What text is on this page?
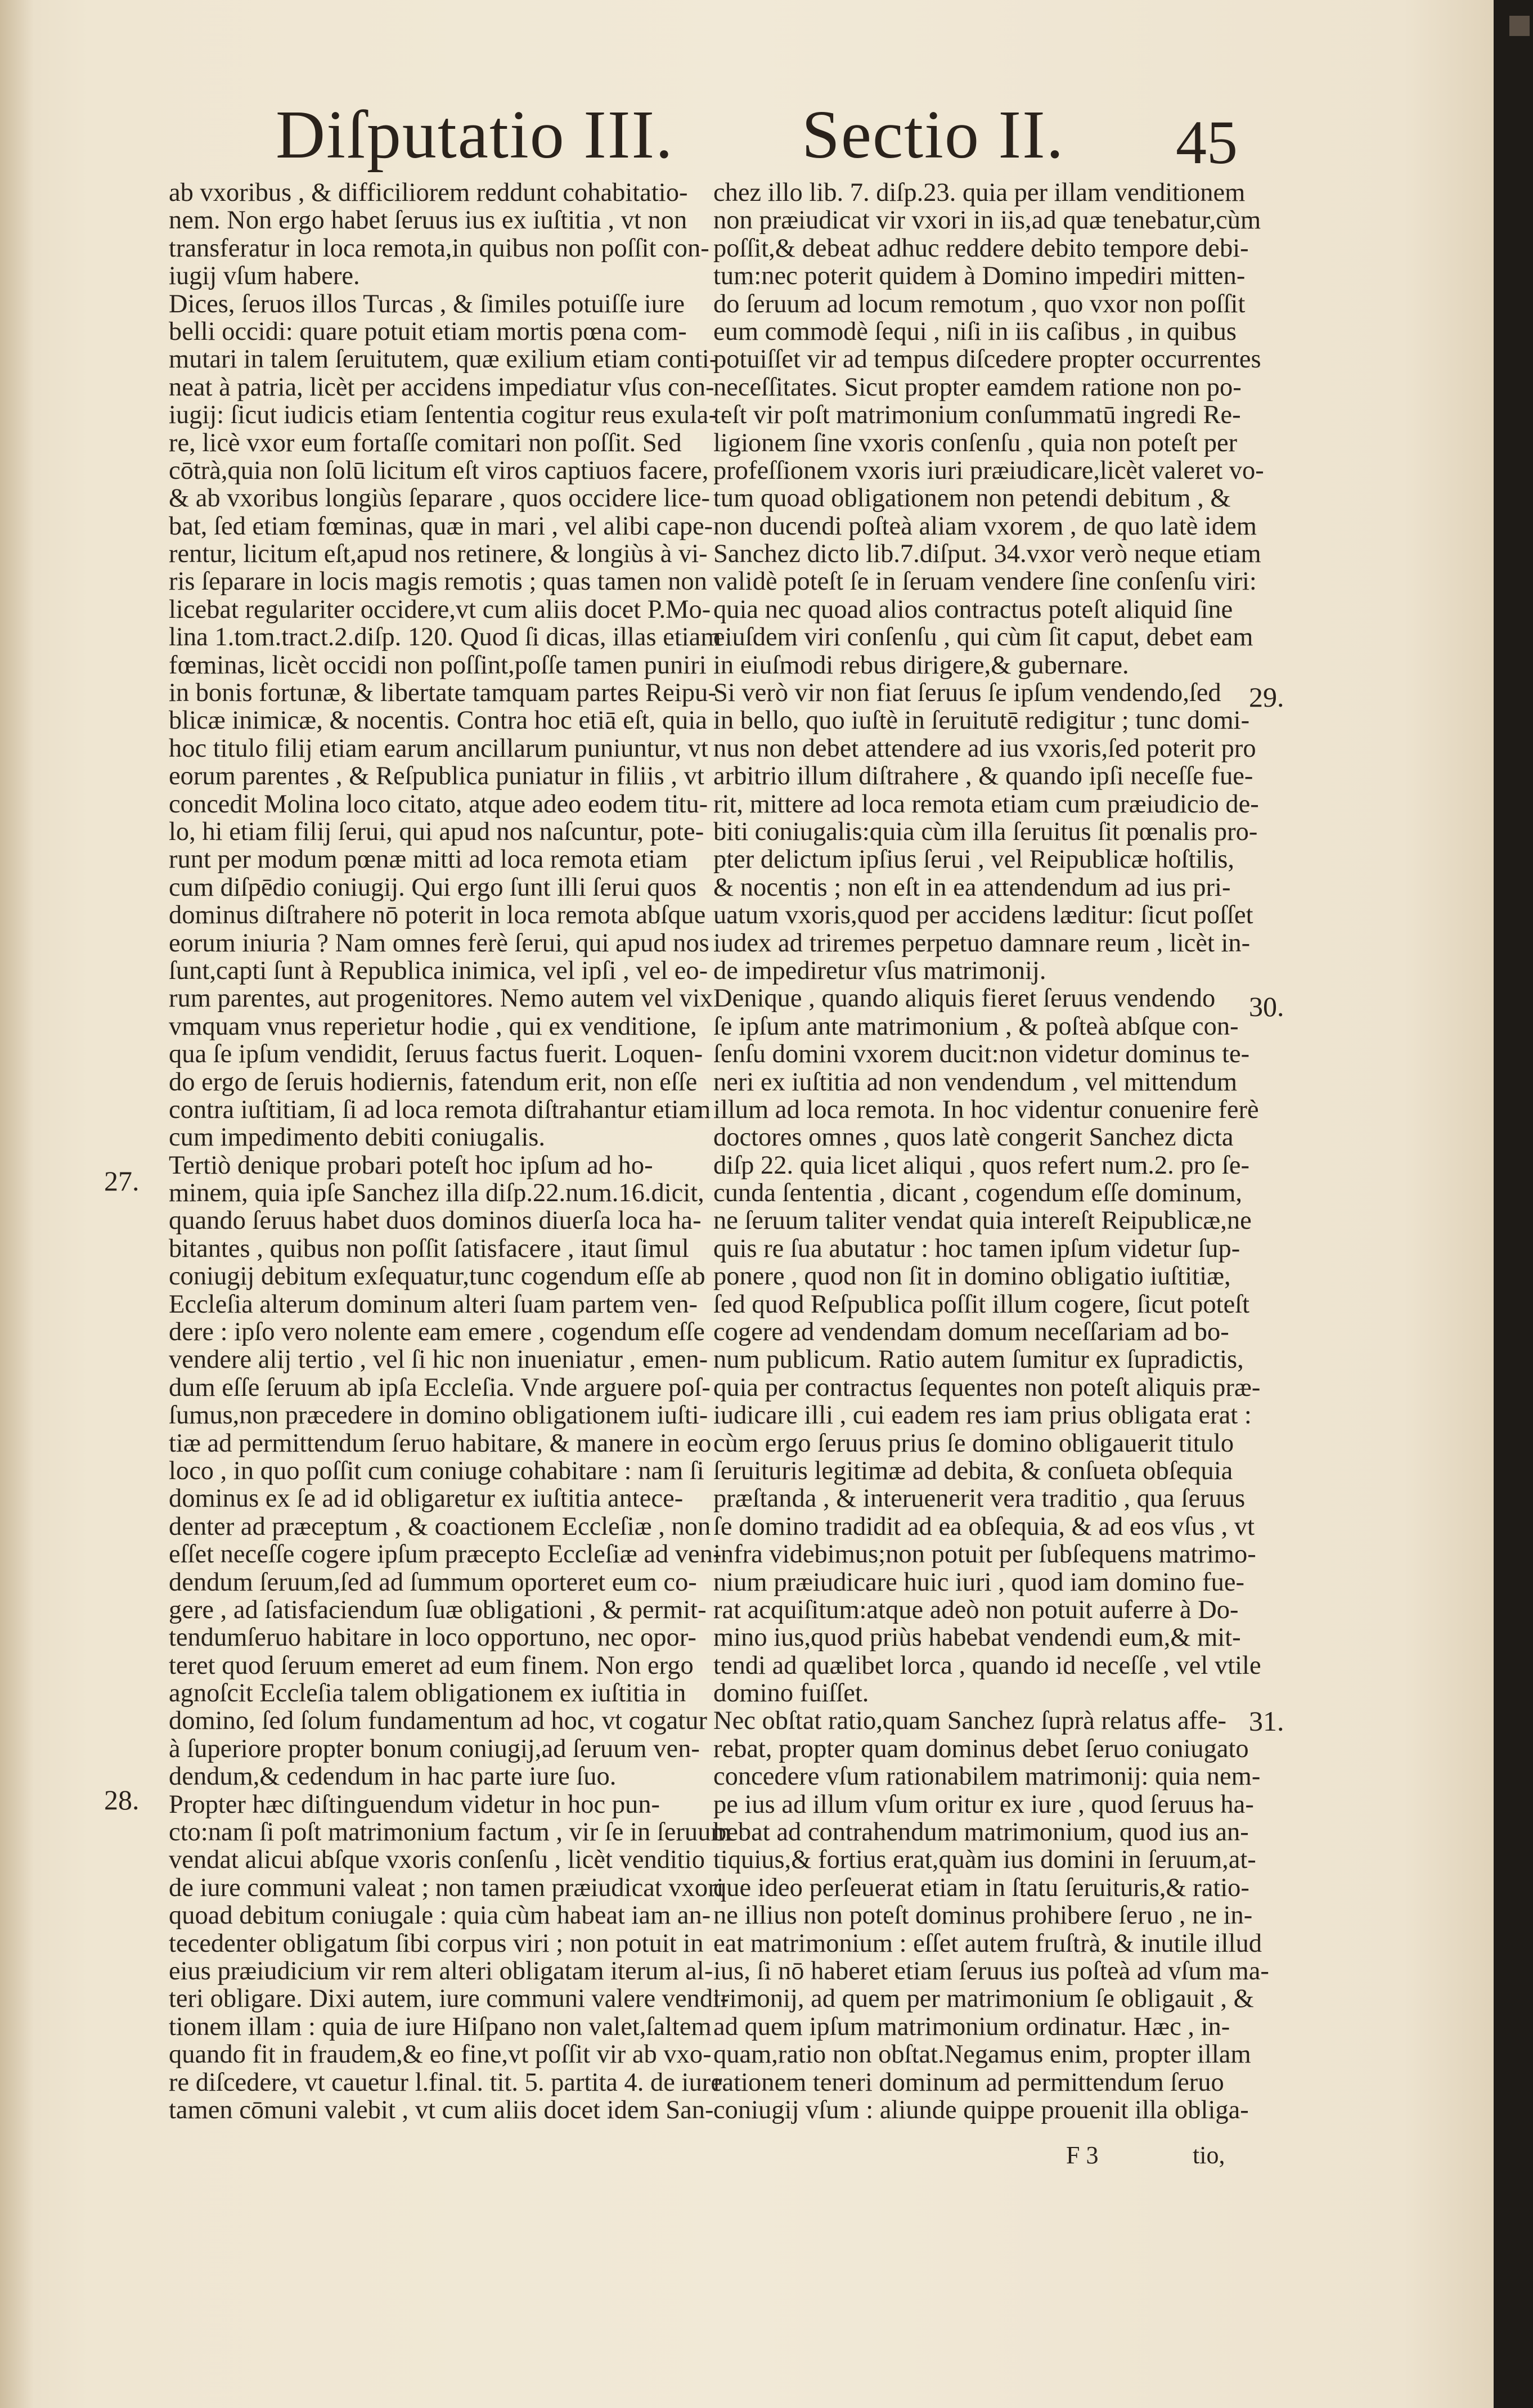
Diſputatio III. Sectio II. 45
ab vxoribus , & difficiliorem reddunt cohabitatio-
nem. Non ergo habet ſeruus ius ex iuſtitia , vt non
transferatur in loca remota,in quibus non poſſit con-
iugij vſum habere.
Dices, ſeruos illos Turcas , & ſimiles potuiſſe iure
belli occidi: quare potuit etiam mortis pœna com-
mutari in talem ſeruitutem, quæ exilium etiam conti-
neat à patria, licèt per accidens impediatur vſus con-
iugij: ſicut iudicis etiam ſententia cogitur reus exula-
re, licè vxor eum fortaſſe comitari non poſſit. Sed
cōtrà,quia non ſolū licitum eſt viros captiuos facere,
& ab vxoribus longiùs ſeparare , quos occidere lice-
bat, ſed etiam fœminas, quæ in mari , vel alibi cape-
rentur, licitum eſt,apud nos retinere, & longiùs à vi-
ris ſeparare in locis magis remotis ; quas tamen non
licebat regulariter occidere,vt cum aliis docet P.Mo-
lina 1.tom.tract.2.diſp. 120. Quod ſi dicas, illas etiam
fœminas, licèt occidi non poſſint,poſſe tamen puniri
in bonis fortunæ, & libertate tamquam partes Reipu-
blicæ inimicæ, & nocentis. Contra hoc etiā eſt, quia
hoc titulo filij etiam earum ancillarum puniuntur, vt
eorum parentes , & Reſpublica puniatur in filiis , vt
concedit Molina loco citato, atque adeo eodem titu-
lo, hi etiam filij ſerui, qui apud nos naſcuntur, pote-
runt per modum pœnæ mitti ad loca remota etiam
cum diſpēdio coniugij. Qui ergo ſunt illi ſerui quos
dominus diſtrahere nō poterit in loca remota abſque
eorum iniuria ? Nam omnes ferè ſerui, qui apud nos
ſunt,capti ſunt à Republica inimica, vel ipſi , vel eo-
rum parentes, aut progenitores. Nemo autem vel vix
vmquam vnus reperietur hodie , qui ex venditione,
qua ſe ipſum vendidit, ſeruus factus fuerit. Loquen-
do ergo de ſeruis hodiernis, fatendum erit, non eſſe
contra iuſtitiam, ſi ad loca remota diſtrahantur etiam
cum impedimento debiti coniugalis.
Tertiò denique probari poteſt hoc ipſum ad ho-
minem, quia ipſe Sanchez illa diſp.22.num.16.dicit,
quando ſeruus habet duos dominos diuerſa loca ha-
bitantes , quibus non poſſit ſatisfacere , itaut ſimul
coniugij debitum exſequatur,tunc cogendum eſſe ab
Eccleſia alterum dominum alteri ſuam partem ven-
dere : ipſo vero nolente eam emere , cogendum eſſe
vendere alij tertio , vel ſi hic non inueniatur , emen-
dum eſſe ſeruum ab ipſa Eccleſia. Vnde arguere poſ-
ſumus,non præcedere in domino obligationem iuſti-
tiæ ad permittendum ſeruo habitare, & manere in eo
loco , in quo poſſit cum coniuge cohabitare : nam ſi
dominus ex ſe ad id obligaretur ex iuſtitia antece-
denter ad præceptum , & coactionem Eccleſiæ , non
eſſet neceſſe cogere ipſum præcepto Eccleſiæ ad ven-
dendum ſeruum,ſed ad ſummum oporteret eum co-
gere , ad ſatisfaciendum ſuæ obligationi , & permit-
tendumſeruo habitare in loco opportuno, nec opor-
teret quod ſeruum emeret ad eum finem. Non ergo
agnoſcit Eccleſia talem obligationem ex iuſtitia in
domino, ſed ſolum fundamentum ad hoc, vt cogatur
à ſuperiore propter bonum coniugij,ad ſeruum ven-
dendum,& cedendum in hac parte iure ſuo.
Propter hæc diſtinguendum videtur in hoc pun-
cto:nam ſi poſt matrimonium factum , vir ſe in ſeruum
vendat alicui abſque vxoris conſenſu , licèt venditio
de iure communi valeat ; non tamen præiudicat vxori
quoad debitum coniugale : quia cùm habeat iam an-
tecedenter obligatum ſibi corpus viri ; non potuit in
eius præiudicium vir rem alteri obligatam iterum al-
teri obligare. Dixi autem, iure communi valere vendi-
tionem illam : quia de iure Hiſpano non valet,ſaltem
quando fit in fraudem,& eo fine,vt poſſit vir ab vxo-
re diſcedere, vt cauetur l.final. tit. 5. partita 4. de iure
tamen cōmuni valebit , vt cum aliis docet idem San-
chez illo lib. 7. diſp.23. quia per illam venditionem
non præiudicat vir vxori in iis,ad quæ tenebatur,cùm
poſſit,& debeat adhuc reddere debito tempore debi-
tum:nec poterit quidem à Domino impediri mitten-
do ſeruum ad locum remotum , quo vxor non poſſit
eum commodè ſequi , niſi in iis caſibus , in quibus
potuiſſet vir ad tempus diſcedere propter occurrentes
neceſſitates. Sicut propter eamdem ratione non po-
teſt vir poſt matrimonium conſummatū ingredi Re-
ligionem ſine vxoris conſenſu , quia non poteſt per
profeſſionem vxoris iuri præiudicare,licèt valeret vo-
tum quoad obligationem non petendi debitum , &
non ducendi poſteà aliam vxorem , de quo latè idem
Sanchez dicto lib.7.diſput. 34.vxor verò neque etiam
validè poteſt ſe in ſeruam vendere ſine conſenſu viri:
quia nec quoad alios contractus poteſt aliquid ſine
eiuſdem viri conſenſu , qui cùm ſit caput, debet eam
in eiuſmodi rebus dirigere,& gubernare.
Si verò vir non fiat ſeruus ſe ipſum vendendo,ſed
in bello, quo iuſtè in ſeruitutē redigitur ; tunc domi-
nus non debet attendere ad ius vxoris,ſed poterit pro
arbitrio illum diſtrahere , & quando ipſi neceſſe fue-
rit, mittere ad loca remota etiam cum præiudicio de-
biti coniugalis:quia cùm illa ſeruitus ſit pœnalis pro-
pter delictum ipſius ſerui , vel Reipublicæ hoſtilis,
& nocentis ; non eſt in ea attendendum ad ius pri-
uatum vxoris,quod per accidens læditur: ſicut poſſet
iudex ad triremes perpetuo damnare reum , licèt in-
de impediretur vſus matrimonij.
Denique , quando aliquis fieret ſeruus vendendo
ſe ipſum ante matrimonium , & poſteà abſque con-
ſenſu domini vxorem ducit:non videtur dominus te-
neri ex iuſtitia ad non vendendum , vel mittendum
illum ad loca remota. In hoc videntur conuenire ferè
doctores omnes , quos latè congerit Sanchez dicta
diſp 22. quia licet aliqui , quos refert num.2. pro ſe-
cunda ſententia , dicant , cogendum eſſe dominum,
ne ſeruum taliter vendat quia intereſt Reipublicæ,ne
quis re ſua abutatur : hoc tamen ipſum videtur ſup-
ponere , quod non ſit in domino obligatio iuſtitiæ,
ſed quod Reſpublica poſſit illum cogere, ſicut poteſt
cogere ad vendendam domum neceſſariam ad bo-
num publicum. Ratio autem ſumitur ex ſupradictis,
quia per contractus ſequentes non poteſt aliquis præ-
iudicare illi , cui eadem res iam prius obligata erat :
cùm ergo ſeruus prius ſe domino obligauerit titulo
ſeruituris legitimæ ad debita, & conſueta obſequia
præſtanda , & interuenerit vera traditio , qua ſeruus
ſe domino tradidit ad ea obſequia, & ad eos vſus , vt
infra videbimus;non potuit per ſubſequens matrimo-
nium præiudicare huic iuri , quod iam domino fue-
rat acquiſitum:atque adeò non potuit auferre à Do-
mino ius,quod priùs habebat vendendi eum,& mit-
tendi ad quælibet lorca , quando id neceſſe , vel vtile
domino fuiſſet.
Nec obſtat ratio,quam Sanchez ſuprà relatus affe-
rebat, propter quam dominus debet ſeruo coniugato
concedere vſum rationabilem matrimonij: quia nem-
pe ius ad illum vſum oritur ex iure , quod ſeruus ha-
bebat ad contrahendum matrimonium, quod ius an-
tiquius,& fortius erat,quàm ius domini in ſeruum,at-
que ideo perſeuerat etiam in ſtatu ſeruituris,& ratio-
ne illius non poteſt dominus prohibere ſeruo , ne in-
eat matrimonium : eſſet autem fruſtrà, & inutile illud
ius, ſi nō haberet etiam ſeruus ius poſteà ad vſum ma-
trimonij, ad quem per matrimonium ſe obligauit , &
ad quem ipſum matrimonium ordinatur. Hæc , in-
quam,ratio non obſtat.Negamus enim, propter illam
rationem teneri dominum ad permittendum ſeruo
coniugij vſum : aliunde quippe prouenit illa obliga-
27.
28.
29.
30.
31.
F 3	tio,
